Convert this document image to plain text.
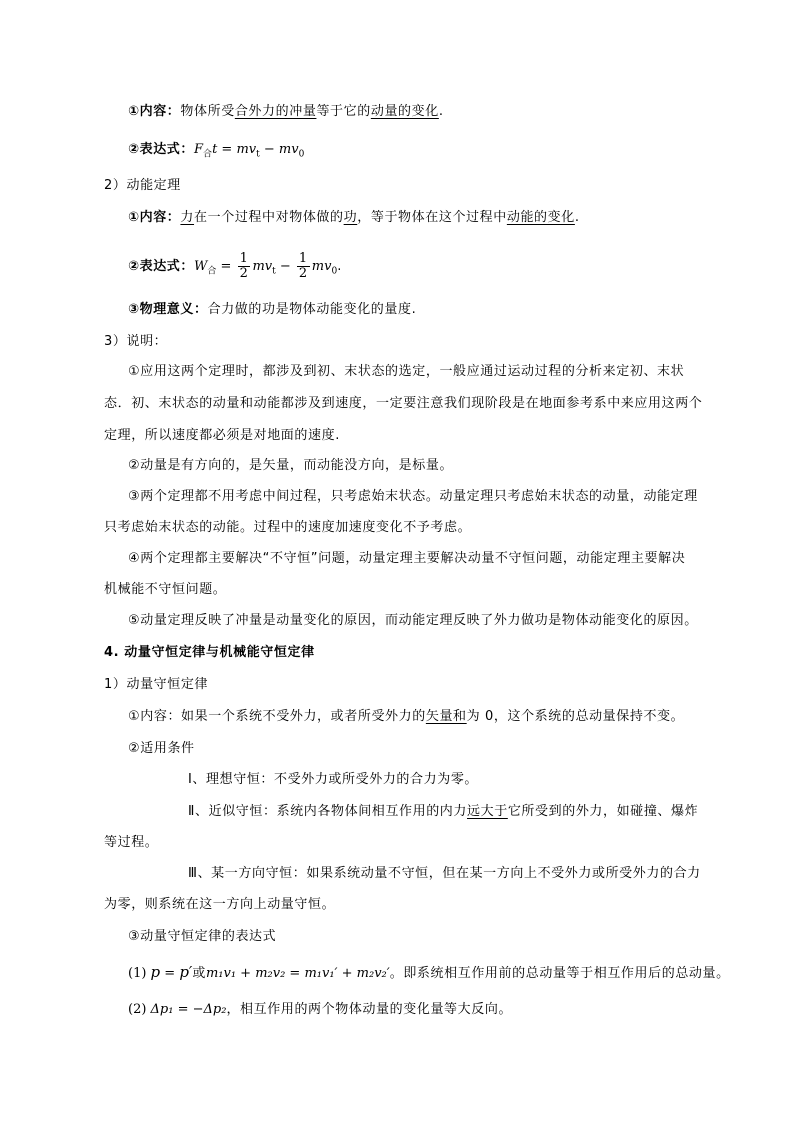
①内容：物体所受合外力的冲量等于它的动量的变化.
②表达式：$F_合t = mv_t - mv_0$
2）动能定理
①内容：力在一个过程中对物体做的功，等于物体在这个过程中动能的变化.
②表达式：$W_合 = \frac{1}{2} mv_t - \frac{1}{2} mv_0$.
③物理意义：合力做的功是物体动能变化的量度.
3）说明：
①应用这两个定理时，都涉及到初、末状态的选定，一般应通过运动过程的分析来定初、末状
态．初、末状态的动量和动能都涉及到速度，一定要注意我们现阶段是在地面参考系中来应用这两个
定理，所以速度都必须是对地面的速度.
②动量是有方向的，是矢量，而动能没方向，是标量。
③两个定理都不用考虑中间过程，只考虑始末状态。动量定理只考虑始末状态的动量，动能定理
只考虑始末状态的动能。过程中的速度加速度变化不予考虑。
④两个定理都主要解决“不守恒”问题，动量定理主要解决动量不守恒问题，动能定理主要解决
机械能不守恒问题。
⑤动量定理反映了冲量是动量变化的原因，而动能定理反映了外力做功是物体动能变化的原因。
4. 动量守恒定律与机械能守恒定律
1）动量守恒定律
①内容：如果一个系统不受外力，或者所受外力的矢量和为 0，这个系统的总动量保持不变。
②适用条件
Ⅰ、理想守恒：不受外力或所受外力的合力为零。
Ⅱ、近似守恒：系统内各物体间相互作用的内力远大于它所受到的外力，如碰撞、爆炸
等过程。
Ⅲ、某一方向守恒：如果系统动量不守恒，但在某一方向上不受外力或所受外力的合力
为零，则系统在这一方向上动量守恒。
③动量守恒定律的表达式
(1) p = p′或m₁v₁ + m₂v₂ = m₁v₁′ + m₂v₂′。即系统相互作用前的总动量等于相互作用后的总动量。
(2) Δp₁ = −Δp₂，相互作用的两个物体动量的变化量等大反向。
